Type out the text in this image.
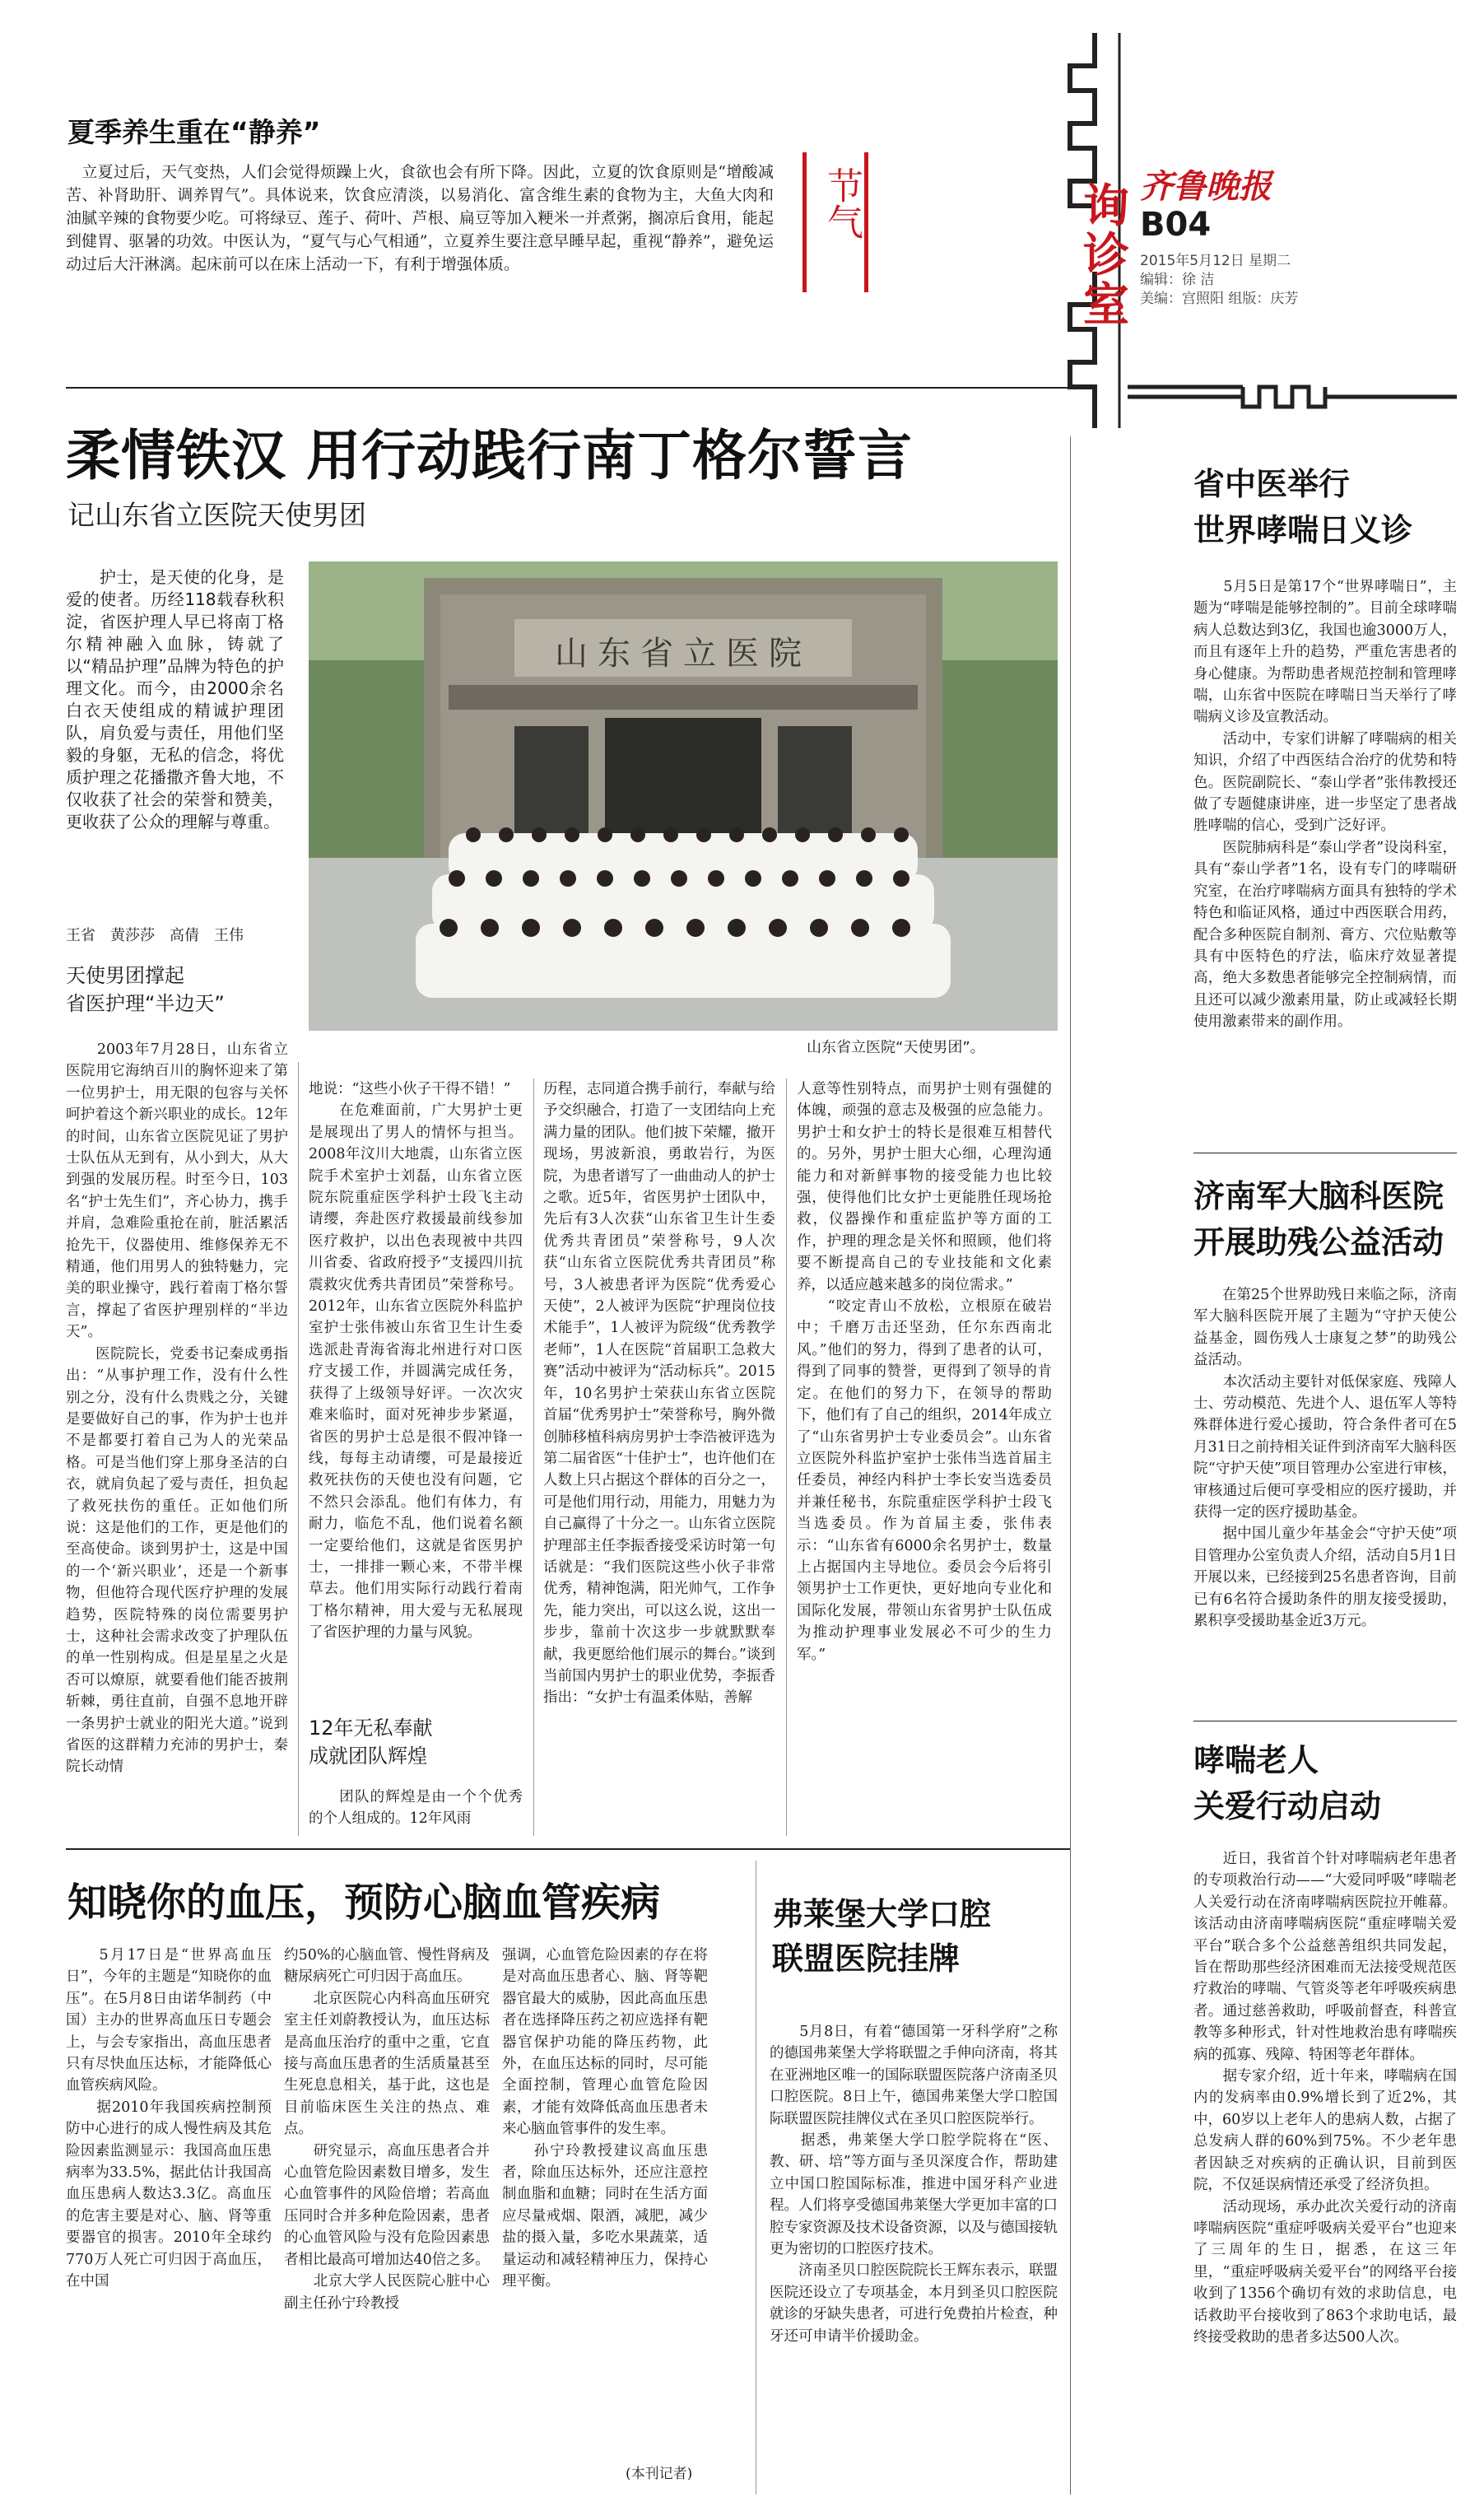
询诊室 齐鲁晚报
B04
2015年5月12日 星期二
编辑：徐 洁
美编：宫照阳 组版：庆芳
节气
夏季养生重在“静养”
　立夏过后，天气变热，人们会觉得烦躁上火，食欲也会有所下降。因此，立夏的饮食原则是“增酸减苦、补肾助肝、调养胃气”。具体说来，饮食应清淡，以易消化、富含维生素的食物为主，大鱼大肉和油腻辛辣的食物要少吃。可将绿豆、莲子、荷叶、芦根、扁豆等加入粳米一并煮粥，搁凉后食用，能起到健胃、驱暑的功效。中医认为，“夏气与心气相通”，立夏养生要注意早睡早起，重视“静养”，避免运动过后大汗淋漓。起床前可以在床上活动一下，有利于增强体质。
柔情铁汉 用行动践行南丁格尔誓言
记山东省立医院天使男团
　　护士，是天使的化身，是爱的使者。历经118载春秋积淀，省医护理人早已将南丁格尔精神融入血脉，铸就了以“精品护理”品牌为特色的护理文化。而今，由2000余名白衣天使组成的精诚护理团队，肩负爱与责任，用他们坚毅的身躯，无私的信念，将优质护理之花播撒齐鲁大地，不仅收获了社会的荣誉和赞美，更收获了公众的理解与尊重。
王省　黄莎莎　高倩　王伟
天使男团撑起
省医护理“半边天”
山东省立医院
山东省立医院“天使男团”。
　　2003年7月28日，山东省立医院用它海纳百川的胸怀迎来了第一位男护士，用无限的包容与关怀呵护着这个新兴职业的成长。12年的时间，山东省立医院见证了男护士队伍从无到有，从小到大，从大到强的发展历程。时至今日，103名“护士先生们”，齐心协力，携手并肩，急难险重抢在前，脏活累活抢先干，仪器使用、维修保养无不精通，他们用男人的独特魅力，完美的职业操守，践行着南丁格尔誓言，撑起了省医护理别样的“半边天”。
　　医院院长，党委书记秦成勇指出：“从事护理工作，没有什么性别之分，没有什么贵贱之分，关键是要做好自己的事，作为护士也并不是都要打着自己为人的光荣品格。可是当他们穿上那身圣洁的白衣，就肩负起了爱与责任，担负起了救死扶伤的重任。正如他们所说：这是他们的工作，更是他们的至高使命。谈到男护士，这是中国的一个‘新兴职业’，还是一个新事物，但他符合现代医疗护理的发展趋势，医院特殊的岗位需要男护士，这种社会需求改变了护理队伍的单一性别构成。但是星星之火是否可以燎原，就要看他们能否披荆斩棘，勇往直前，自强不息地开辟一条男护士就业的阳光大道。”说到省医的这群精力充沛的男护士，秦院长动情
地说：“这些小伙子干得不错！”
　　在危难面前，广大男护士更是展现出了男人的情怀与担当。2008年汶川大地震，山东省立医院手术室护士刘磊，山东省立医院东院重症医学科护士段飞主动请缨，奔赴医疗救援最前线参加医疗救护，以出色表现被中共四川省委、省政府授予“支援四川抗震救灾优秀共青团员”荣誉称号。2012年，山东省立医院外科监护室护士张伟被山东省卫生计生委选派赴青海省海北州进行对口医疗支援工作，并圆满完成任务，获得了上级领导好评。一次次灾难来临时，面对死神步步紧逼，省医的男护士总是很不假冲锋一线，每每主动请缨，可是最接近救死扶伤的天使也没有问题，它不然只会添乱。他们有体力，有耐力，临危不乱，他们说着名额一定要给他们，这就是省医男护士，一排排一颗心来，不带半棵草去。他们用实际行动践行着南丁格尔精神，用大爱与无私展现了省医护理的力量与风貌。
12年无私奉献
成就团队辉煌
　　团队的辉煌是由一个个优秀的个人组成的。12年风雨
历程，志同道合携手前行，奉献与给予交织融合，打造了一支团结向上充满力量的团队。他们披下荣耀，撤开现场，男波新浪，勇敢岩行，为医院，为患者谱写了一曲曲动人的护士之歌。近5年，省医男护士团队中，先后有3人次获“山东省卫生计生委优秀共青团员”荣誉称号，9人次获“山东省立医院优秀共青团员”称号，3人被患者评为医院“优秀爱心天使”，2人被评为医院“护理岗位技术能手”，1人被评为院级“优秀教学老师”，1人在医院“首届职工急救大赛”活动中被评为“活动标兵”。2015年，10名男护士荣获山东省立医院首届“优秀男护士”荣誉称号，胸外微创肺移植科病房男护士李浩被评选为第二届省医“十佳护士”，也许他们在人数上只占据这个群体的百分之一，可是他们用行动，用能力，用魅力为自己赢得了十分之一。山东省立医院护理部主任李振香接受采访时第一句话就是：“我们医院这些小伙子非常优秀，精神饱满，阳光帅气，工作争先，能力突出，可以这么说，这出一步步，靠前十次这步一步就默默奉献，我更愿给他们展示的舞台。”谈到当前国内男护士的职业优势，李振香指出：“女护士有温柔体贴，善解
人意等性别特点，而男护士则有强健的体魄，顽强的意志及极强的应急能力。男护士和女护士的特长是很难互相替代的。另外，男护士胆大心细，心理沟通能力和对新鲜事物的接受能力也比较强，使得他们比女护士更能胜任现场抢救，仪器操作和重症监护等方面的工作，护理的理念是关怀和照顾，他们将要不断提高自己的专业技能和文化素养，以适应越来越多的岗位需求。”
　　“咬定青山不放松，立根原在破岩中；千磨万击还坚劲，任尔东西南北风。”他们的努力，得到了患者的认可，得到了同事的赞誉，更得到了领导的肯定。在他们的努力下，在领导的帮助下，他们有了自己的组织，2014年成立了“山东省男护士专业委员会”。山东省立医院外科监护室护士张伟当选首届主任委员，神经内科护士李长安当选委员并兼任秘书，东院重症医学科护士段飞当选委员。作为首届主委，张伟表示：“山东省有6000余名男护士，数量上占据国内主导地位。委员会今后将引领男护士工作更快，更好地向专业化和国际化发展，带领山东省男护士队伍成为推动护理事业发展必不可少的生力军。”
知晓你的血压，预防心脑血管疾病
　　5月17日是“世界高血压日”，今年的主题是“知晓你的血压”。在5月8日由诺华制药（中国）主办的世界高血压日专题会上，与会专家指出，高血压患者只有尽快血压达标，才能降低心血管疾病风险。
　　据2010年我国疾病控制预防中心进行的成人慢性病及其危险因素监测显示：我国高血压患病率为33.5%，据此估计我国高血压患病人数达3.3亿。高血压的危害主要是对心、脑、肾等重要器官的损害。2010年全球约770万人死亡可归因于高血压，在中国
约50%的心脑血管、慢性肾病及糖尿病死亡可归因于高血压。
　　北京医院心内科高血压研究室主任刘蔚教授认为，血压达标是高血压治疗的重中之重，它直接与高血压患者的生活质量甚至生死息息相关，基于此，这也是目前临床医生关注的热点、难点。
　　研究显示，高血压患者合并心血管危险因素数目增多，发生心血管事件的风险倍增；若高血压同时合并多种危险因素，患者的心血管风险与没有危险因素患者相比最高可增加达40倍之多。
　　北京大学人民医院心脏中心副主任孙宁玲教授
强调，心血管危险因素的存在将是对高血压患者心、脑、肾等靶器官最大的威胁，因此高血压患者在选择降压药之初应选择有靶器官保护功能的降压药物，此外，在血压达标的同时，尽可能全面控制，管理心血管危险因素，才能有效降低高血压患者未来心脑血管事件的发生率。
　　孙宁玲教授建议高血压患者，除血压达标外，还应注意控制血脂和血糖；同时在生活方面应尽量戒烟、限酒，减肥，减少盐的摄入量，多吃水果蔬菜，适量运动和减轻精神压力，保持心理平衡。
(本刊记者)
弗莱堡大学口腔
联盟医院挂牌
　　5月8日，有着“德国第一牙科学府”之称的德国弗莱堡大学将联盟之手伸向济南，将其在亚洲地区唯一的国际联盟医院落户济南圣贝口腔医院。8日上午，德国弗莱堡大学口腔国际联盟医院挂牌仪式在圣贝口腔医院举行。
　　据悉，弗莱堡大学口腔学院将在“医、教、研、培”等方面与圣贝深度合作，帮助建立中国口腔国际标准，推进中国牙科产业进程。人们将享受德国弗莱堡大学更加丰富的口腔专家资源及技术设备资源，以及与德国接轨更为密切的口腔医疗技术。
　　济南圣贝口腔医院院长王辉东表示，联盟医院还设立了专项基金，本月到圣贝口腔医院就诊的牙缺失患者，可进行免费拍片检查，种牙还可申请半价援助金。
省中医举行
世界哮喘日义诊
　　5月5日是第17个“世界哮喘日”，主题为“哮喘是能够控制的”。目前全球哮喘病人总数达到3亿，我国也逾3000万人，而且有逐年上升的趋势，严重危害患者的身心健康。为帮助患者规范控制和管理哮喘，山东省中医院在哮喘日当天举行了哮喘病义诊及宣教活动。
　　活动中，专家们讲解了哮喘病的相关知识，介绍了中西医结合治疗的优势和特色。医院副院长、“泰山学者”张伟教授还做了专题健康讲座，进一步坚定了患者战胜哮喘的信心，受到广泛好评。
　　医院肺病科是“泰山学者”设岗科室，具有“泰山学者”1名，设有专门的哮喘研究室，在治疗哮喘病方面具有独特的学术特色和临证风格，通过中西医联合用药，配合多种医院自制剂、膏方、穴位贴敷等具有中医特色的疗法，临床疗效显著提高，绝大多数患者能够完全控制病情，而且还可以减少激素用量，防止或减轻长期使用激素带来的副作用。
济南军大脑科医院
开展助残公益活动
　　在第25个世界助残日来临之际，济南军大脑科医院开展了主题为“守护天使公益基金，圆伤残人士康复之梦”的助残公益活动。
　　本次活动主要针对低保家庭、残障人士、劳动模范、先进个人、退伍军人等特殊群体进行爱心援助，符合条件者可在5月31日之前持相关证件到济南军大脑科医院“守护天使”项目管理办公室进行审核，审核通过后便可享受相应的医疗援助，并获得一定的医疗援助基金。
　　据中国儿童少年基金会“守护天使”项目管理办公室负责人介绍，活动自5月1日开展以来，已经接到25名患者咨询，目前已有6名符合援助条件的朋友接受援助，累积享受援助基金近3万元。
哮喘老人
关爱行动启动
　　近日，我省首个针对哮喘病老年患者的专项救治行动——“大爱同呼吸”哮喘老人关爱行动在济南哮喘病医院拉开帷幕。该活动由济南哮喘病医院“重症哮喘关爱平台”联合多个公益慈善组织共同发起，旨在帮助那些经济困难而无法接受规范医疗救治的哮喘、气管炎等老年呼吸疾病患者。通过慈善救助，呼吸前督查，科普宣教等多种形式，针对性地救治患有哮喘疾病的孤寡、残障、特困等老年群体。
　　据专家介绍，近十年来，哮喘病在国内的发病率由0.9%增长到了近2%，其中，60岁以上老年人的患病人数，占据了总发病人群的60%到75%。不少老年患者因缺乏对疾病的正确认识，目前到医院，不仅延误病情还承受了经济负担。
　　活动现场，承办此次关爱行动的济南哮喘病医院“重症呼吸病关爱平台”也迎来了三周年的生日，据悉，在这三年里，“重症呼吸病关爱平台”的网络平台接收到了1356个确切有效的求助信息，电话救助平台接收到了863个求助电话，最终接受救助的患者多达500人次。
